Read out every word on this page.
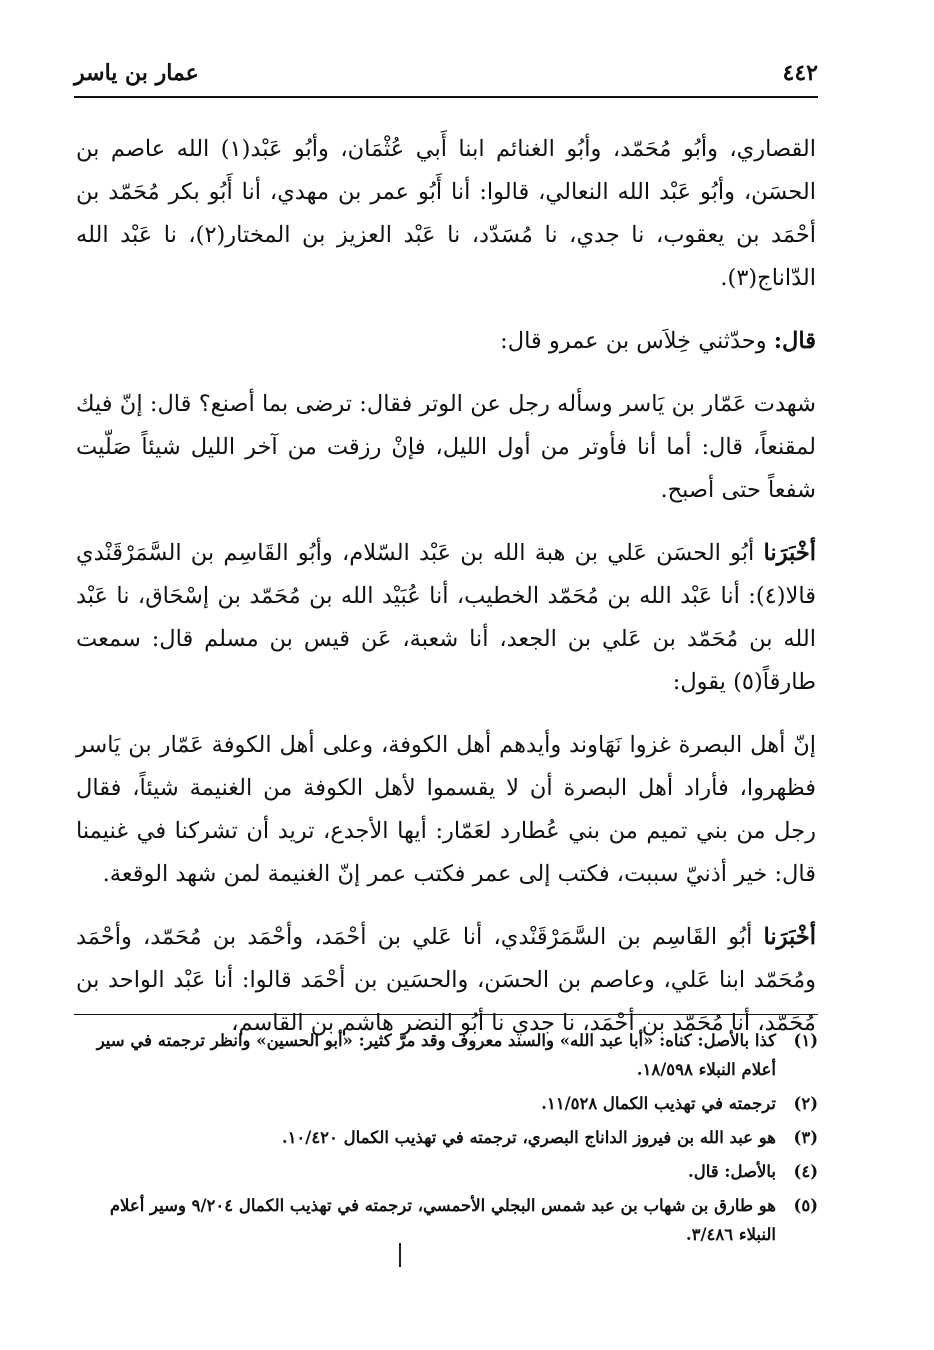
٤٤٢
عمار بن ياسر

القصاري، وأبُو مُحَمّد، وأبُو الغنائم ابنا أَبي عُثْمَان، وأبُو عَبْد(١) الله عاصم بن الحسَن، وأبُو عَبْد الله النعالي، قالوا: أنا أَبُو عمر بن مهدي، أنا أَبُو بكر مُحَمّد بن أحْمَد بن يعقوب، نا جدي، نا مُسَدّد، نا عَبْد العزيز بن المختار(٢)، نا عَبْد الله الدّاناج(٣).

قال: وحدّثني خِلاَس بن عمرو قال:

شهدت عَمّار بن يَاسر وسأله رجل عن الوتر فقال: ترضى بما أصنع؟ قال: إنّ فيك لمقنعاً، قال: أما أنا فأوتر من أول الليل، فإنْ رزقت من آخر الليل شيئاً صَلّيت شفعاً حتى أصبح.

أخْبَرَنا أبُو الحسَن عَلي بن هبة الله بن عَبْد السّلام، وأبُو القَاسِم بن السَّمَرْقَنْدي قالا(٤): أنا عَبْد الله بن مُحَمّد الخطيب، أنا عُبَيْد الله بن مُحَمّد بن إسْحَاق، نا عَبْد الله بن مُحَمّد بن عَلي بن الجعد، أنا شعبة، عَن قيس بن مسلم قال: سمعت طارقاً(٥) يقول:

إنّ أهل البصرة غزوا نَهَاوند وأيدهم أهل الكوفة، وعلى أهل الكوفة عَمّار بن يَاسر فظهروا، فأراد أهل البصرة أن لا يقسموا لأهل الكوفة من الغنيمة شيئاً، فقال رجل من بني تميم من بني عُطارد لعَمّار: أيها الأجدع، تريد أن تشركنا في غنيمنا قال: خير أذنيّ سببت، فكتب إلى عمر فكتب عمر إنّ الغنيمة لمن شهد الوقعة.

أخْبَرَنا أبُو القَاسِم بن السَّمَرْقَنْدي، أنا عَلي بن أحْمَد، وأحْمَد بن مُحَمّد، وأحْمَد ومُحَمّد ابنا عَلي، وعاصم بن الحسَن، والحسَين بن أحْمَد قالوا: أنا عَبْد الواحد بن مُحَمّد، أنا مُحَمّد بن أحْمَد، نا جدي نا أبُو النضر هاشم بن القاسم،

(١)
كذا بالأصل: كناه: «أبا عبد الله» والسند معروف وقد مرّ كثير: «أبو الحسين» وانظر ترجمته في سير أعلام النبلاء ١٨/٥٩٨.
(٢)
ترجمته في تهذيب الكمال ١١/٥٢٨.
(٣)
هو عبد الله بن فيروز الداناج البصري، ترجمته في تهذيب الكمال ١٠/٤٢٠.
(٤)
بالأصل: قال.
(٥)
هو طارق بن شهاب بن عبد شمس البجلي الأحمسي، ترجمته في تهذيب الكمال ٩/٢٠٤ وسير أعلام النبلاء ٣/٤٨٦.
